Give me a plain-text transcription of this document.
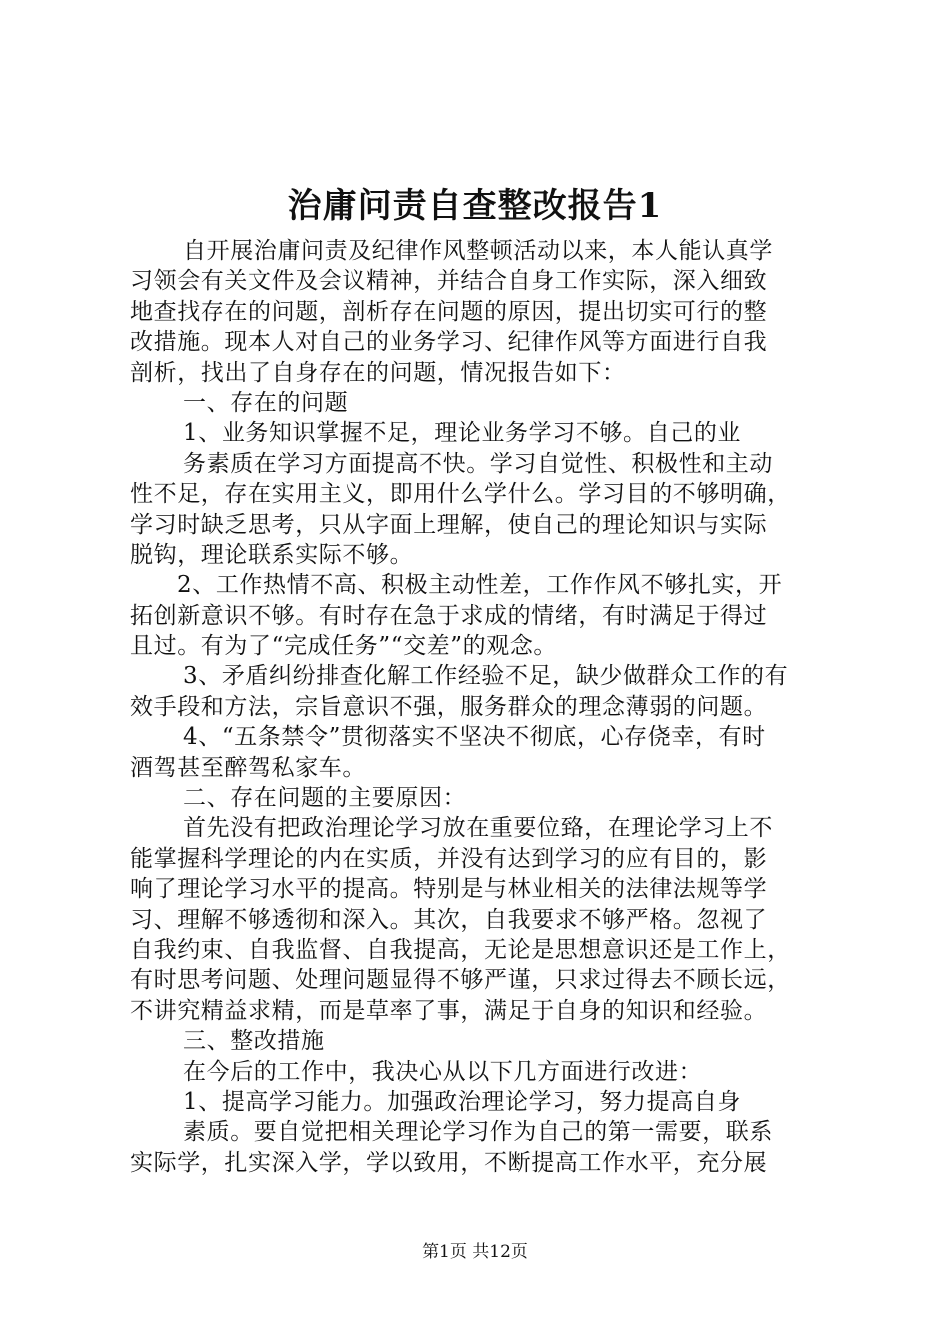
治庸问责自查整改报告1
自开展治庸问责及纪律作风整顿活动以来，本人能认真学
习领会有关文件及会议精神，并结合自身工作实际，深入细致
地查找存在的问题，剖析存在问题的原因，提出切实可行的整
改措施。现本人对自己的业务学习、纪律作风等方面进行自我
剖析，找出了自身存在的问题，情况报告如下：
一、存在的问题
1、业务知识掌握不足，理论业务学习不够。自己的业
务素质在学习方面提高不快。学习自觉性、积极性和主动
性不足，存在实用主义，即用什么学什么。学习目的不够明确，
学习时缺乏思考，只从字面上理解，使自己的理论知识与实际
脱钩，理论联系实际不够。
2、工作热情不高、积极主动性差，工作作风不够扎实，开
拓创新意识不够。有时存在急于求成的情绪，有时满足于得过
且过。有为了“完成任务”“交差”的观念。
3、矛盾纠纷排查化解工作经验不足，缺少做群众工作的有
效手段和方法，宗旨意识不强，服务群众的理念薄弱的问题。
4、“五条禁令”贯彻落实不坚决不彻底，心存侥幸，有时
酒驾甚至醉驾私家车。
二、存在问题的主要原因：
首先没有把政治理论学习放在重要位臵，在理论学习上不
能掌握科学理论的内在实质，并没有达到学习的应有目的，影
响了理论学习水平的提高。特别是与林业相关的法律法规等学
习、理解不够透彻和深入。其次，自我要求不够严格。忽视了
自我约束、自我监督、自我提高，无论是思想意识还是工作上，
有时思考问题、处理问题显得不够严谨，只求过得去不顾长远，
不讲究精益求精，而是草率了事，满足于自身的知识和经验。
三、整改措施
在今后的工作中，我决心从以下几方面进行改进：
1、提高学习能力。加强政治理论学习，努力提高自身
素质。要自觉把相关理论学习作为自己的第一需要，联系
实际学，扎实深入学，学以致用，不断提高工作水平，充分展
第1页 共12页
